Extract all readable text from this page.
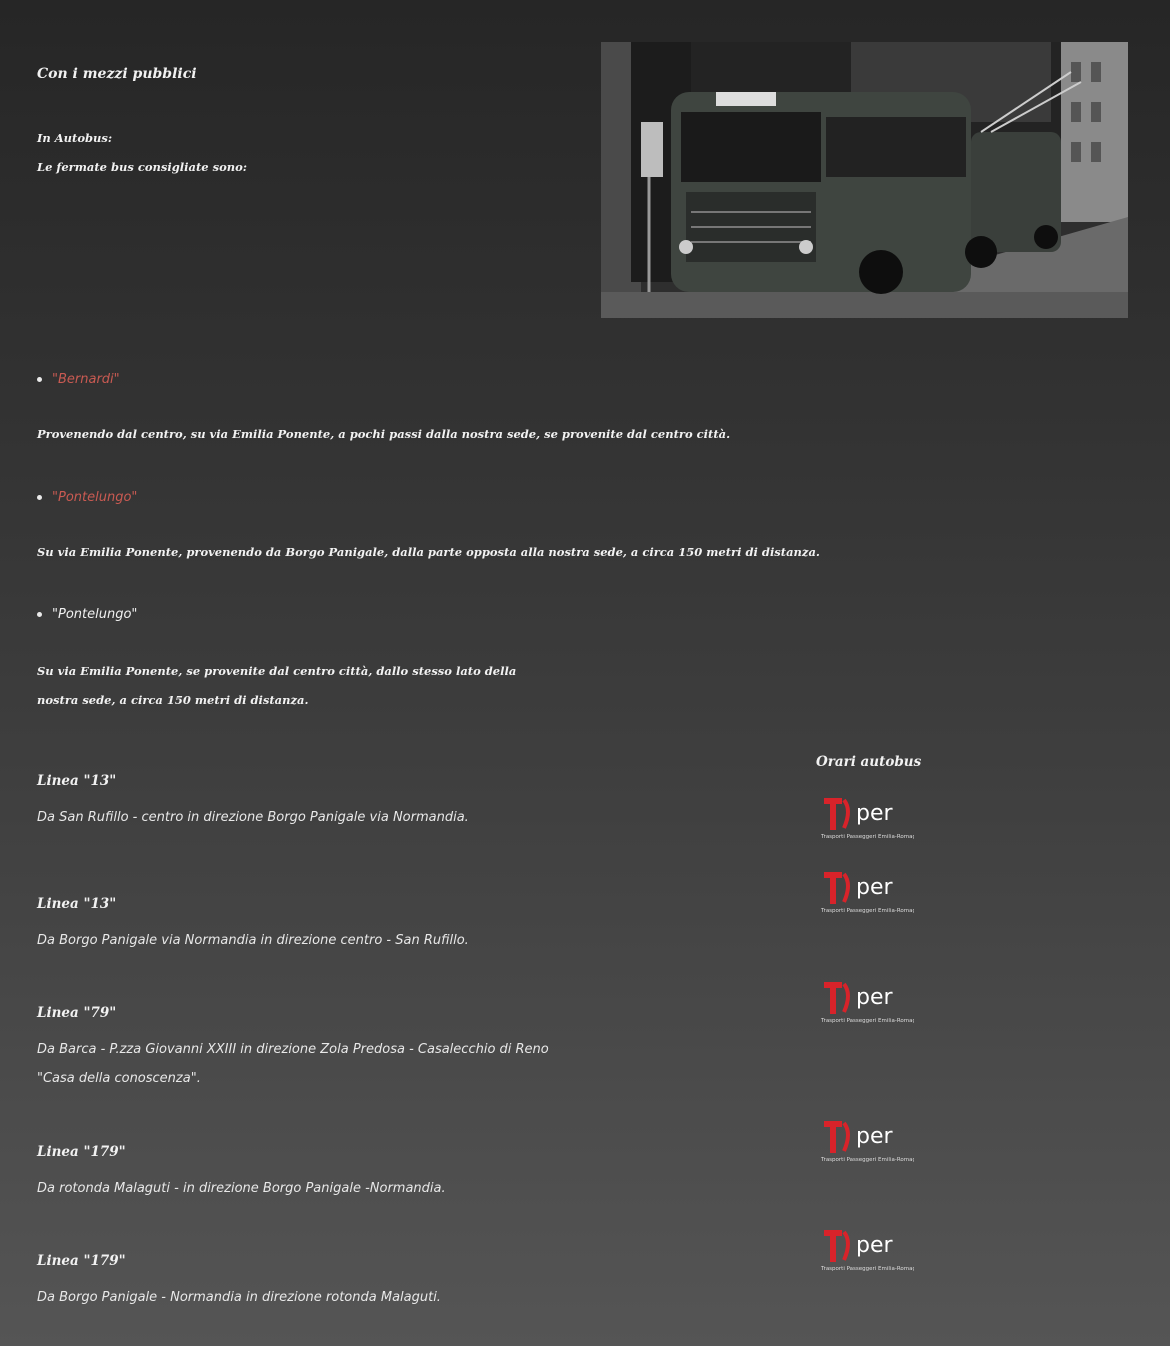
Con i mezzi pubblici
In Autobus:
Le fermate bus consigliate sono:
"Bernardi"
Provenendo dal centro, su via Emilia Ponente, a pochi passi dalla nostra sede, se provenite dal centro città.
"Pontelungo"
Su via Emilia Ponente, provenendo da Borgo Panigale, dalla parte opposta alla nostra sede, a circa 150 metri di distanza.
"Pontelungo"
Su via Emilia Ponente, se provenite dal centro città, dallo stesso lato della
nostra sede, a circa 150 metri di distanza.
Orari autobus
Linea "13"
Da San Rufillo - centro in direzione Borgo Panigale via Normandia.
Linea "13"
Da Borgo Panigale via Normandia in direzione centro - San Rufillo.
Linea "79"
Da Barca - P.zza Giovanni XXIII in direzione Zola Predosa - Casalecchio di Reno
"Casa della conoscenza".
Linea "179"
Da rotonda Malaguti - in direzione Borgo Panigale -Normandia.
Linea "179"
Da Borgo Panigale - Normandia in direzione rotonda Malaguti.
per
Trasporti Passeggeri Emilia-Romagna
per
Trasporti Passeggeri Emilia-Romagna
per
Trasporti Passeggeri Emilia-Romagna
per
Trasporti Passeggeri Emilia-Romagna
per
Trasporti Passeggeri Emilia-Romagna
